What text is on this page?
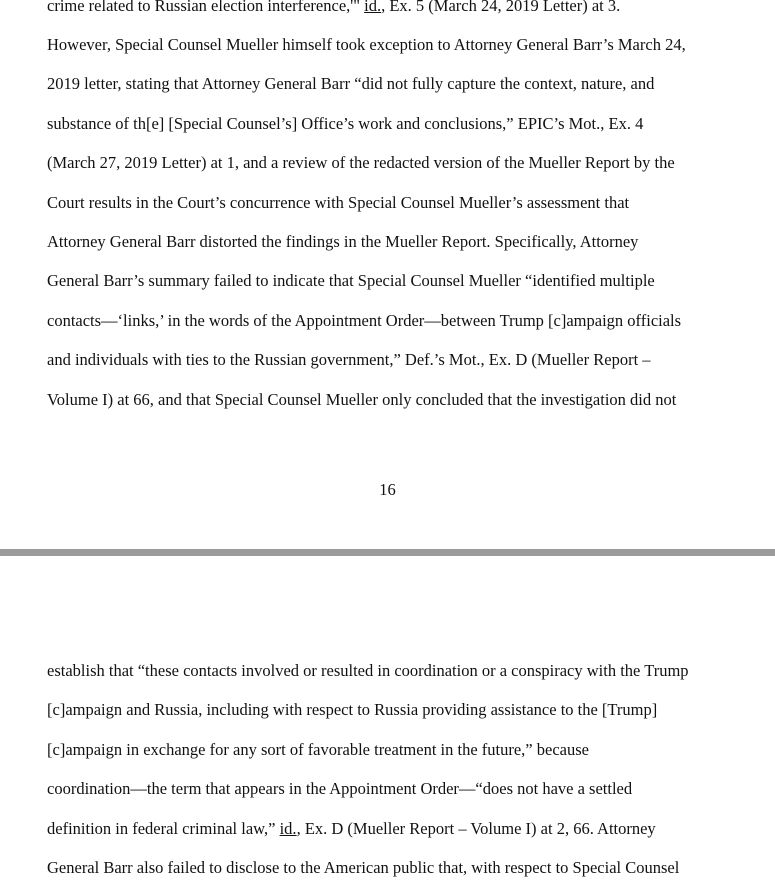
crime related to Russian election interference,'" id., Ex. 5 (March 24, 2019 Letter) at 3.

However, Special Counsel Mueller himself took exception to Attorney General Barr’s March 24,

2019 letter, stating that Attorney General Barr “did not fully capture the context, nature, and

substance of th[e] [Special Counsel’s] Office’s work and conclusions,” EPIC’s Mot., Ex. 4

(March 27, 2019 Letter) at 1, and a review of the redacted version of the Mueller Report by the

Court results in the Court’s concurrence with Special Counsel Mueller’s assessment that

Attorney General Barr distorted the findings in the Mueller Report. Specifically, Attorney

General Barr’s summary failed to indicate that Special Counsel Mueller “identified multiple

contacts—‘links,’ in the words of the Appointment Order—between Trump [c]ampaign officials

and individuals with ties to the Russian government,” Def.’s Mot., Ex. D (Mueller Report –

Volume I) at 66, and that Special Counsel Mueller only concluded that the investigation did not

16

establish that “these contacts involved or resulted in coordination or a conspiracy with the Trump

[c]ampaign and Russia, including with respect to Russia providing assistance to the [Trump]

[c]ampaign in exchange for any sort of favorable treatment in the future,” because

coordination—the term that appears in the Appointment Order—“does not have a settled

definition in federal criminal law,” id., Ex. D (Mueller Report – Volume I) at 2, 66. Attorney

General Barr also failed to disclose to the American public that, with respect to Special Counsel
